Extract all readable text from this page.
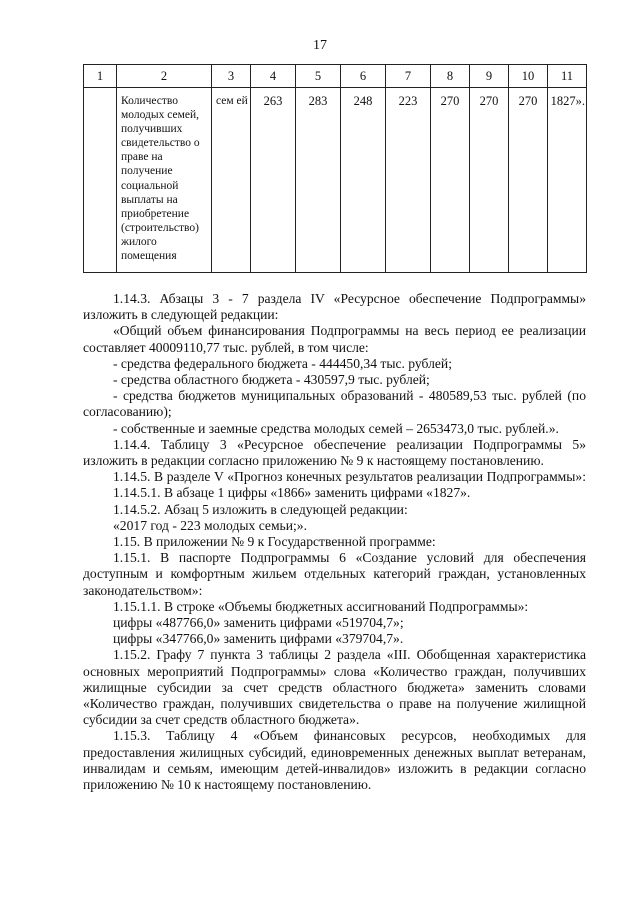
17
1	2	3	4	5	6	7	8	9	10	11
	Количество молодых семей, получивших свидетельство о праве на получение социальной выплаты на приобретение (строительство) жилого помещения	сем ей	263	283	248	223	270	270	270	1827».

1.14.3. Абзацы 3 - 7 раздела IV «Ресурсное обеспечение Подпрограммы» изложить в следующей редакции:

«Общий объем финансирования Подпрограммы на весь период ее реализации составляет 40009110,77 тыс. рублей, в том числе:

- средства федерального бюджета - 444450,34 тыс. рублей;

- средства областного бюджета - 430597,9 тыс. рублей;

- средства бюджетов муниципальных образований - 480589,53 тыс. рублей (по согласованию);

- собственные и заемные средства молодых семей – 2653473,0 тыс. рублей.».

1.14.4. Таблицу 3 «Ресурсное обеспечение реализации Подпрограммы 5» изложить в редакции согласно приложению № 9 к настоящему постановлению.

1.14.5. В разделе V «Прогноз конечных результатов реализации Подпрограммы»:

1.14.5.1. В абзаце 1 цифры «1866» заменить цифрами «1827».

1.14.5.2. Абзац 5 изложить в следующей редакции:

«2017 год - 223 молодых семьи;».

1.15. В приложении № 9 к Государственной программе:

1.15.1. В паспорте Подпрограммы 6 «Создание условий для обеспечения доступным и комфортным жильем отдельных категорий граждан, установленных законодательством»:

1.15.1.1. В строке «Объемы бюджетных ассигнований Подпрограммы»:

цифры «487766,0» заменить цифрами «519704,7»;

цифры «347766,0» заменить цифрами «379704,7».

1.15.2. Графу 7 пункта 3 таблицы 2 раздела «III. Обобщенная характеристика основных мероприятий Подпрограммы» слова «Количество граждан, получивших жилищные субсидии за счет средств областного бюджета» заменить словами «Количество граждан, получивших свидетельства о праве на получение жилищной субсидии за счет средств областного бюджета».

1.15.3. Таблицу 4 «Объем финансовых ресурсов, необходимых для предоставления жилищных субсидий, единовременных денежных выплат ветеранам, инвалидам и семьям, имеющим детей-инвалидов» изложить в редакции согласно приложению № 10 к настоящему постановлению.
